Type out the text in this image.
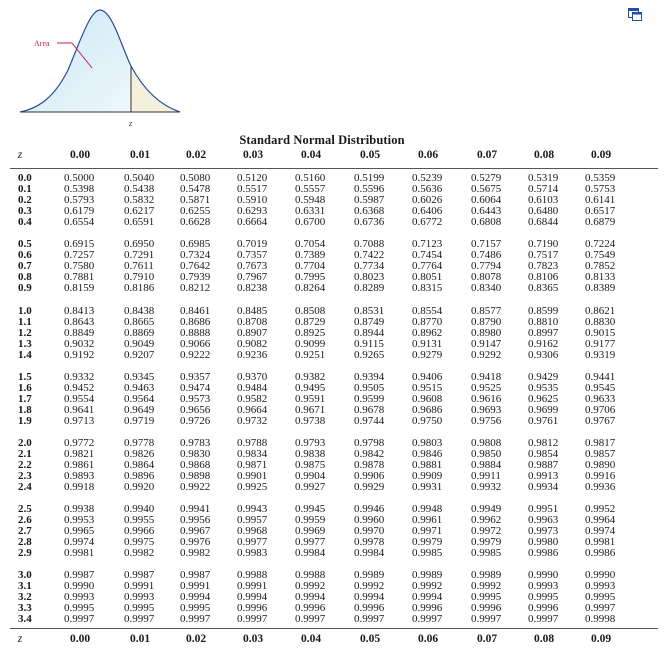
Area
z
Standard Normal Distribution
z	0.00	0.01	0.02	0.03	0.04	0.05	0.06	0.07	0.08	0.09
0.0	0.5000	0.5040	0.5080	0.5120	0.5160	0.5199	0.5239	0.5279	0.5319	0.5359
0.1	0.5398	0.5438	0.5478	0.5517	0.5557	0.5596	0.5636	0.5675	0.5714	0.5753
0.2	0.5793	0.5832	0.5871	0.5910	0.5948	0.5987	0.6026	0.6064	0.6103	0.6141
0.3	0.6179	0.6217	0.6255	0.6293	0.6331	0.6368	0.6406	0.6443	0.6480	0.6517
0.4	0.6554	0.6591	0.6628	0.6664	0.6700	0.6736	0.6772	0.6808	0.6844	0.6879
0.5	0.6915	0.6950	0.6985	0.7019	0.7054	0.7088	0.7123	0.7157	0.7190	0.7224
0.6	0.7257	0.7291	0.7324	0.7357	0.7389	0.7422	0.7454	0.7486	0.7517	0.7549
0.7	0.7580	0.7611	0.7642	0.7673	0.7704	0.7734	0.7764	0.7794	0.7823	0.7852
0.8	0.7881	0.7910	0.7939	0.7967	0.7995	0.8023	0.8051	0.8078	0.8106	0.8133
0.9	0.8159	0.8186	0.8212	0.8238	0.8264	0.8289	0.8315	0.8340	0.8365	0.8389
1.0	0.8413	0.8438	0.8461	0.8485	0.8508	0.8531	0.8554	0.8577	0.8599	0.8621
1.1	0.8643	0.8665	0.8686	0.8708	0.8729	0.8749	0.8770	0.8790	0.8810	0.8830
1.2	0.8849	0.8869	0.8888	0.8907	0.8925	0.8944	0.8962	0.8980	0.8997	0.9015
1.3	0.9032	0.9049	0.9066	0.9082	0.9099	0.9115	0.9131	0.9147	0.9162	0.9177
1.4	0.9192	0.9207	0.9222	0.9236	0.9251	0.9265	0.9279	0.9292	0.9306	0.9319
1.5	0.9332	0.9345	0.9357	0.9370	0.9382	0.9394	0.9406	0.9418	0.9429	0.9441
1.6	0.9452	0.9463	0.9474	0.9484	0.9495	0.9505	0.9515	0.9525	0.9535	0.9545
1.7	0.9554	0.9564	0.9573	0.9582	0.9591	0.9599	0.9608	0.9616	0.9625	0.9633
1.8	0.9641	0.9649	0.9656	0.9664	0.9671	0.9678	0.9686	0.9693	0.9699	0.9706
1.9	0.9713	0.9719	0.9726	0.9732	0.9738	0.9744	0.9750	0.9756	0.9761	0.9767
2.0	0.9772	0.9778	0.9783	0.9788	0.9793	0.9798	0.9803	0.9808	0.9812	0.9817
2.1	0.9821	0.9826	0.9830	0.9834	0.9838	0.9842	0.9846	0.9850	0.9854	0.9857
2.2	0.9861	0.9864	0.9868	0.9871	0.9875	0.9878	0.9881	0.9884	0.9887	0.9890
2.3	0.9893	0.9896	0.9898	0.9901	0.9904	0.9906	0.9909	0.9911	0.9913	0.9916
2.4	0.9918	0.9920	0.9922	0.9925	0.9927	0.9929	0.9931	0.9932	0.9934	0.9936
2.5	0.9938	0.9940	0.9941	0.9943	0.9945	0.9946	0.9948	0.9949	0.9951	0.9952
2.6	0.9953	0.9955	0.9956	0.9957	0.9959	0.9960	0.9961	0.9962	0.9963	0.9964
2.7	0.9965	0.9966	0.9967	0.9968	0.9969	0.9970	0.9971	0.9972	0.9973	0.9974
2.8	0.9974	0.9975	0.9976	0.9977	0.9977	0.9978	0.9979	0.9979	0.9980	0.9981
2.9	0.9981	0.9982	0.9982	0.9983	0.9984	0.9984	0.9985	0.9985	0.9986	0.9986
3.0	0.9987	0.9987	0.9987	0.9988	0.9988	0.9989	0.9989	0.9989	0.9990	0.9990
3.1	0.9990	0.9991	0.9991	0.9991	0.9992	0.9992	0.9992	0.9992	0.9993	0.9993
3.2	0.9993	0.9993	0.9994	0.9994	0.9994	0.9994	0.9994	0.9995	0.9995	0.9995
3.3	0.9995	0.9995	0.9995	0.9996	0.9996	0.9996	0.9996	0.9996	0.9996	0.9997
3.4	0.9997	0.9997	0.9997	0.9997	0.9997	0.9997	0.9997	0.9997	0.9997	0.9998
z	0.00	0.01	0.02	0.03	0.04	0.05	0.06	0.07	0.08	0.09
